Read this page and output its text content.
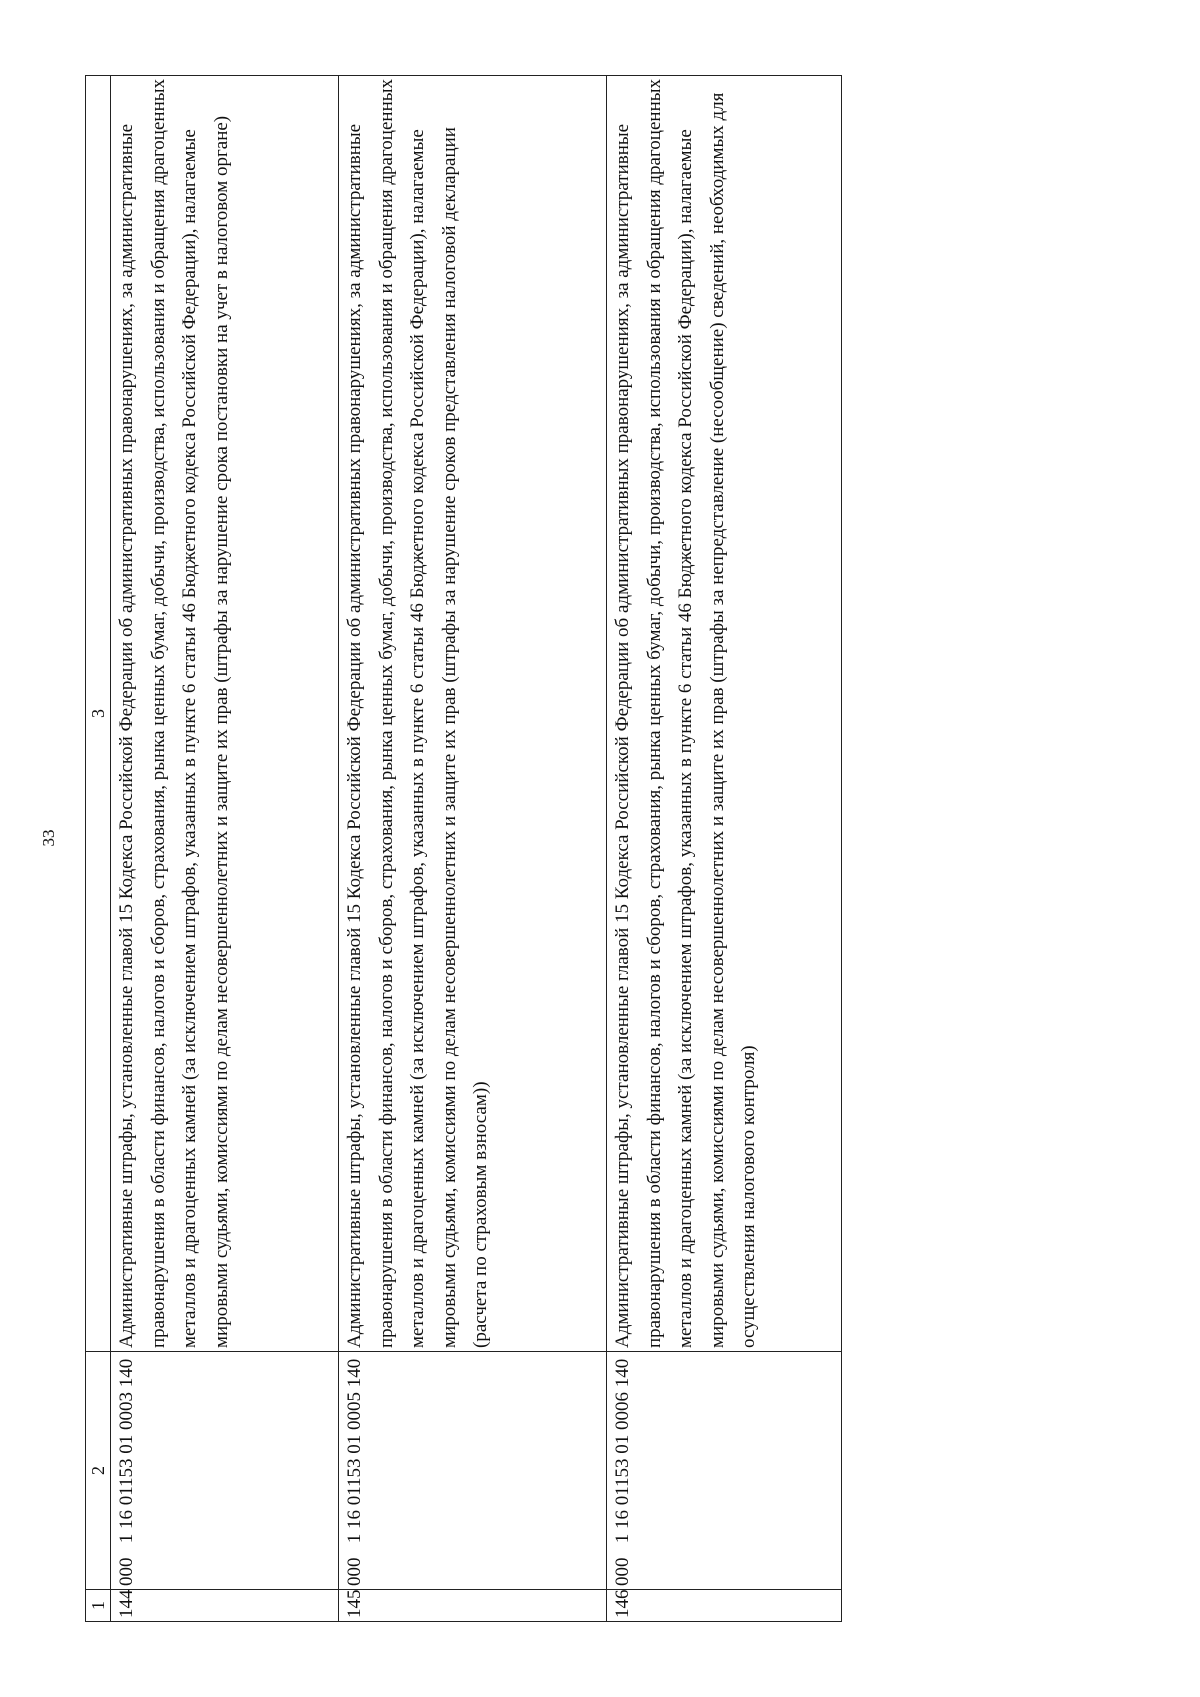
33
1	2	3
144	000   1 16 01153 01 0003 140	Административные штрафы, установленные главой 15 Кодекса Российской Федерации об административных правонарушениях, за административные правонарушения в области финансов, налогов и сборов, страхования, рынка ценных бумаг, добычи, производства, использования и обращения драгоценных металлов и драгоценных камней (за исключением штрафов, указанных в пункте 6 статьи 46 Бюджетного кодекса Российской Федерации), налагаемые мировыми судьями, комиссиями по делам несовершеннолетних и защите их прав (штрафы за нарушение срока постановки на учет в налоговом органе)
145	000   1 16 01153 01 0005 140	Административные штрафы, установленные главой 15 Кодекса Российской Федерации об административных правонарушениях, за административные правонарушения в области финансов, налогов и сборов, страхования, рынка ценных бумаг, добычи, производства, использования и обращения драгоценных металлов и драгоценных камней (за исключением штрафов, указанных в пункте 6 статьи 46 Бюджетного кодекса Российской Федерации), налагаемые мировыми судьями, комиссиями по делам несовершеннолетних и защите их прав (штрафы за нарушение сроков представления налоговой декларации (расчета по страховым взносам))
146	000   1 16 01153 01 0006 140	Административные штрафы, установленные главой 15 Кодекса Российской Федерации об административных правонарушениях, за административные правонарушения в области финансов, налогов и сборов, страхования, рынка ценных бумаг, добычи, производства, использования и обращения драгоценных металлов и драгоценных камней (за исключением штрафов, указанных в пункте 6 статьи 46 Бюджетного кодекса Российской Федерации), налагаемые мировыми судьями, комиссиями по делам несовершеннолетних и защите их прав (штрафы за непредставление (несообщение) сведений, необходимых для осуществления налогового контроля)
